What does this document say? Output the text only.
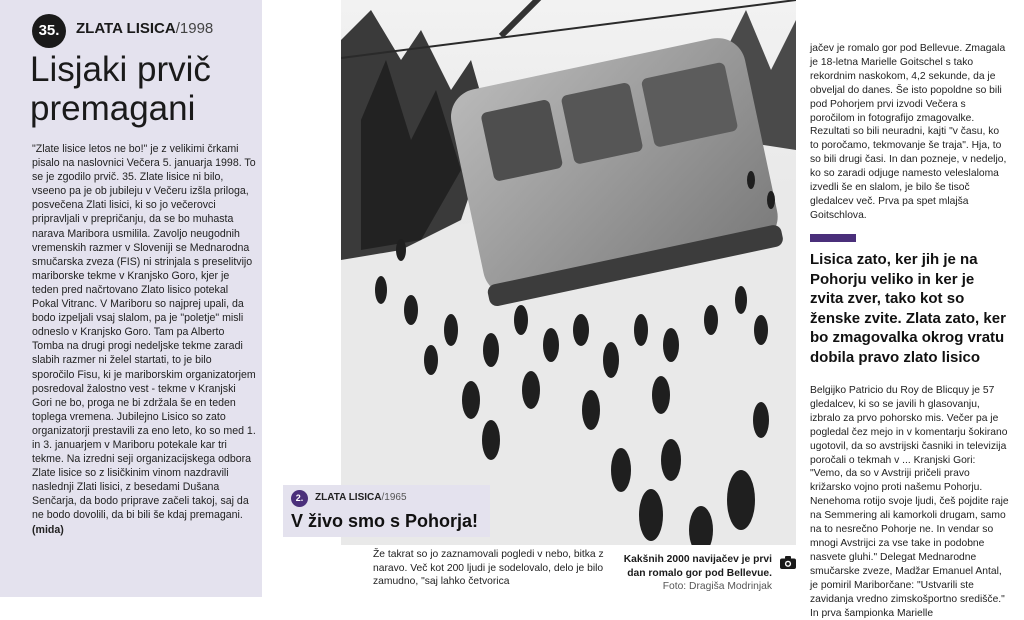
35.	ZLATA LISICA/1998
Lisjaki prvič premagani
"Zlate lisice letos ne bo!" je z velikimi črkami pisalo na naslovnici Večera 5. januarja 1998. To se je zgodilo prvič. 35. Zlate lisice ni bilo, vseeno pa je ob jubileju v Večeru izšla priloga, posvečena Zlati lisici, ki so jo večerovci pripravljali v prepričanju, da se bo muhasta narava Maribora usmilila. Zavoljo neugodnih vremenskih razmer v Sloveniji se Mednarodna smučarska zveza (FIS) ni strinjala s preselitvijo mariborske tekme v Kranjsko Goro, kjer je teden pred načrtovano Zlato lisico potekal Pokal Vitranc. V Mariboru so najprej upali, da bodo izpeljali vsaj slalom, pa je "poletje" misli odneslo v Kranjsko Goro. Tam pa Alberto Tomba na drugi progi nedeljske tekme zaradi slabih razmer ni želel startati, to je bilo sporočilo Fisu, ki je mariborskim organizatorjem posredoval žalostno vest - tekme v Kranjski Gori ne bo, proga ne bi zdržala še en teden toplega vremena. Jubilejno Lisico so zato organizatorji prestavili za eno leto, ko so med 1. in 3. januarjem v Mariboru potekale kar tri tekme. Na izredni seji organizacijskega odbora Zlate lisice so z lisičkinim vinom nazdravili naslednji Zlati lisici, z besedami Dušana Senčarja, da bodo priprave začeli takoj, saj da ne bodo dovolili, da bi bili še kdaj premagani. (mida)
2.	ZLATA LISICA/1965
V živo smo s Pohorja!
Že takrat so jo zaznamovali pogledi v nebo, bitka z naravo. Več kot 200 ljudi je sodelovalo, delo je bilo zamudno, "saj lahko četvorica
Kakšnih 2000 navijačev je prvi dan romalo gor pod Bellevue.
Foto: Dragiša Modrinjak
jačev je romalo gor pod Bellevue. Zmagala je 18-letna Marielle Goitschel s tako rekordnim naskokom, 4,2 sekunde, da je obveljal do danes. Še isto popoldne so bili pod Pohorjem prvi izvodi Večera s poročilom in fotografijo zmagovalke. Rezultati so bili neuradni, kajti "v času, ko to poročamo, tekmovanje še traja". Hja, to so bili drugi časi. In dan pozneje, v nedeljo, ko so zaradi odjuge namesto veleslaloma izvedli še en slalom, je bilo še tisoč gledalcev več. Prva pa spet mlajša Goitschlova.
Lisica zato, ker jih je na Pohorju veliko in ker je zvita zver, tako kot so ženske zvite. Zlata zato, ker bo zmagovalka okrog vratu dobila pravo zlato lisico
Belgijko Patricio du Roy de Blicquy je 57 gledalcev, ki so se javili h glasovanju, izbralo za prvo pohorsko mis. Večer pa je pogledal čez mejo in v komentarju šokirano ugotovil, da so avstrijski časniki in televizija poročali o tekmah v ... Kranjski Gori: "Vemo, da so v Avstriji pričeli pravo križarsko vojno proti našemu Pohorju. Nenehoma rotijo svoje ljudi, češ pojdite raje na Semmering ali kamorkoli drugam, samo na to nesrečno Pohorje ne. In vendar so mnogi Avstrijci za vse take in podobne nasvete gluhi." Delegat Mednarodne smučarske zveze, Madžar Emanuel Antal, je pomiril Mariborčane: "Ustvarili ste zavidanja vredno zimskošportno središče." In prva šampionka Marielle
